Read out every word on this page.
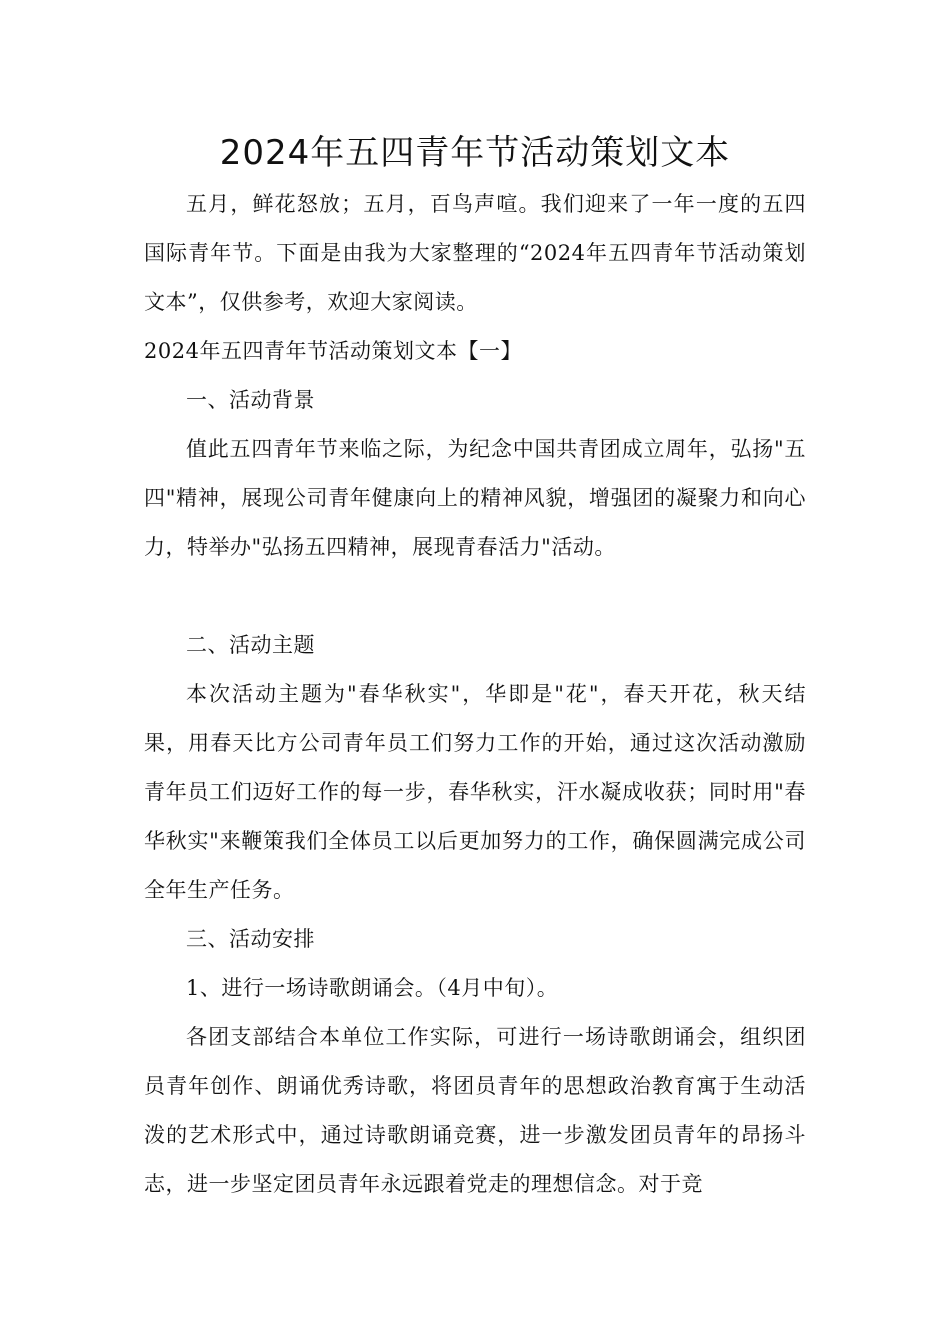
2024年五四青年节活动策划文本

五月，鲜花怒放；五月，百鸟声喧。我们迎来了一年一度的五四国际青年节。下面是由我为大家整理的“2024年五四青年节活动策划文本”，仅供参考，欢迎大家阅读。

2024年五四青年节活动策划文本【一】

一、活动背景

值此五四青年节来临之际，为纪念中国共青团成立周年，弘扬"五四"精神，展现公司青年健康向上的精神风貌，增强团的凝聚力和向心力，特举办"弘扬五四精神，展现青春活力"活动。

二、活动主题

本次活动主题为"春华秋实"，华即是"花"，春天开花，秋天结果，用春天比方公司青年员工们努力工作的开始，通过这次活动激励青年员工们迈好工作的每一步，春华秋实，汗水凝成收获；同时用"春华秋实"来鞭策我们全体员工以后更加努力的工作，确保圆满完成公司全年生产任务。

三、活动安排

1、进行一场诗歌朗诵会。（4月中旬）。

各团支部结合本单位工作实际，可进行一场诗歌朗诵会，组织团员青年创作、朗诵优秀诗歌，将团员青年的思想政治教育寓于生动活泼的艺术形式中，通过诗歌朗诵竞赛，进一步激发团员青年的昂扬斗志，进一步坚定团员青年永远跟着党走的理想信念。对于竞
